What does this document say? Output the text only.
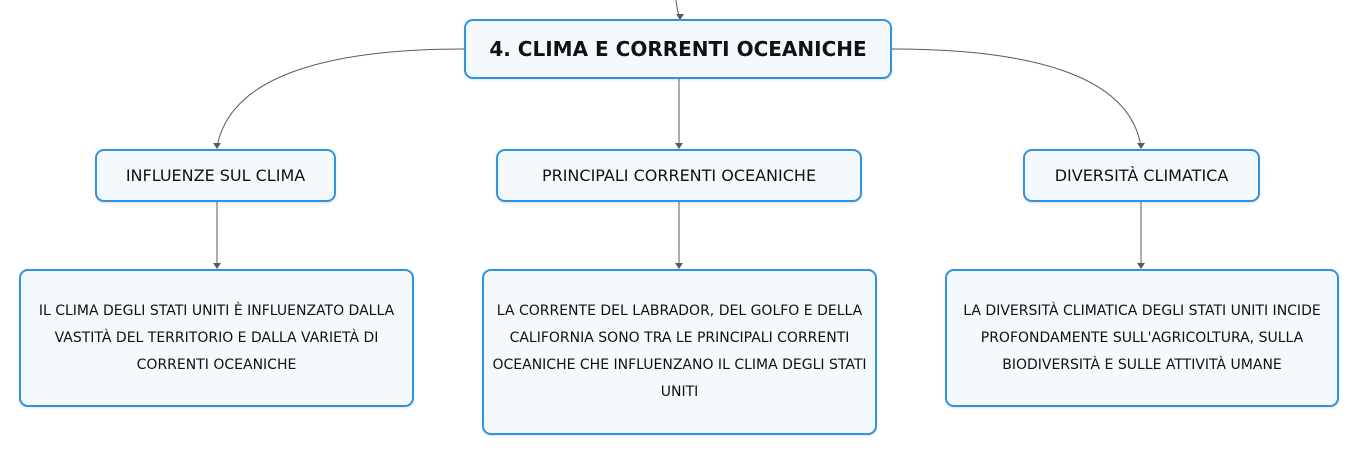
4. CLIMA E CORRENTI OCEANICHE
INFLUENZE SUL CLIMA	PRINCIPALI CORRENTI OCEANICHE	DIVERSITÀ CLIMATICA
IL CLIMA DEGLI STATI UNITI È INFLUENZATO DALLA VASTITÀ DEL TERRITORIO E DALLA VARIETÀ DI CORRENTI OCEANICHE
LA CORRENTE DEL LABRADOR, DEL GOLFO E DELLA CALIFORNIA SONO TRA LE PRINCIPALI CORRENTI OCEANICHE CHE INFLUENZANO IL CLIMA DEGLI STATI UNITI
LA DIVERSITÀ CLIMATICA DEGLI STATI UNITI INCIDE PROFONDAMENTE SULL'AGRICOLTURA, SULLA BIODIVERSITÀ E SULLE ATTIVITÀ UMANE
